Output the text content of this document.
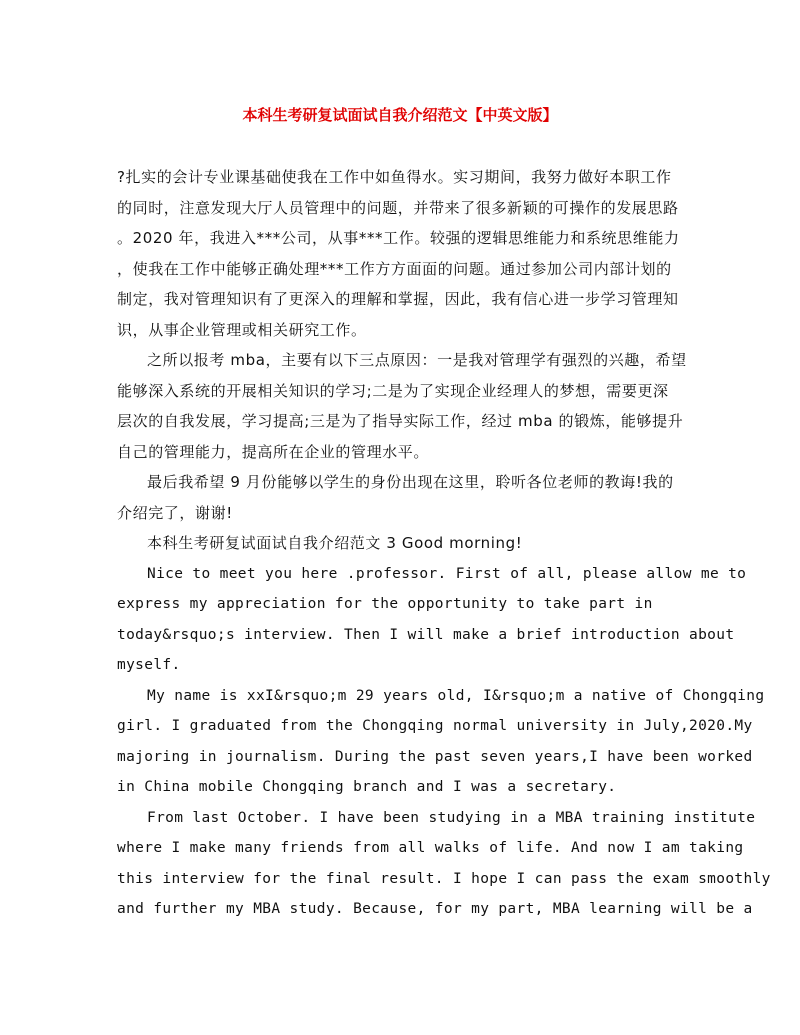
本科生考研复试面试自我介绍范文【中英文版】
?扎实的会计专业课基础使我在工作中如鱼得水。实习期间，我努力做好本职工作
的同时，注意发现大厅人员管理中的问题，并带来了很多新颖的可操作的发展思路
。2020 年，我进入***公司，从事***工作。较强的逻辑思维能力和系统思维能力
，使我在工作中能够正确处理***工作方方面面的问题。通过参加公司内部计划的
制定，我对管理知识有了更深入的理解和掌握，因此，我有信心进一步学习管理知
识，从事企业管理或相关研究工作。
之所以报考 mba，主要有以下三点原因：一是我对管理学有强烈的兴趣，希望
能够深入系统的开展相关知识的学习;二是为了实现企业经理人的梦想，需要更深
层次的自我发展，学习提高;三是为了指导实际工作，经过 mba 的锻炼，能够提升
自己的管理能力，提高所在企业的管理水平。
最后我希望 9 月份能够以学生的身份出现在这里，聆听各位老师的教诲!我的
介绍完了，谢谢!
本科生考研复试面试自我介绍范文 3 Good morning!
Nice to meet you here .professor. First of all, please allow me to
express my appreciation for the opportunity to take part in
today&rsquo;s interview. Then I will make a brief introduction about
myself.
My name is xxI&rsquo;m 29 years old, I&rsquo;m a native of Chongqing
girl. I graduated from the Chongqing normal university in July,2020.My
majoring in journalism. During the past seven years,I have been worked
in China mobile Chongqing branch and I was a secretary.
From last October. I have been studying in a MBA training institute
where I make many friends from all walks of life. And now I am taking
this interview for the final result. I hope I can pass the exam smoothly
and further my MBA study. Because, for my part, MBA learning will be a
